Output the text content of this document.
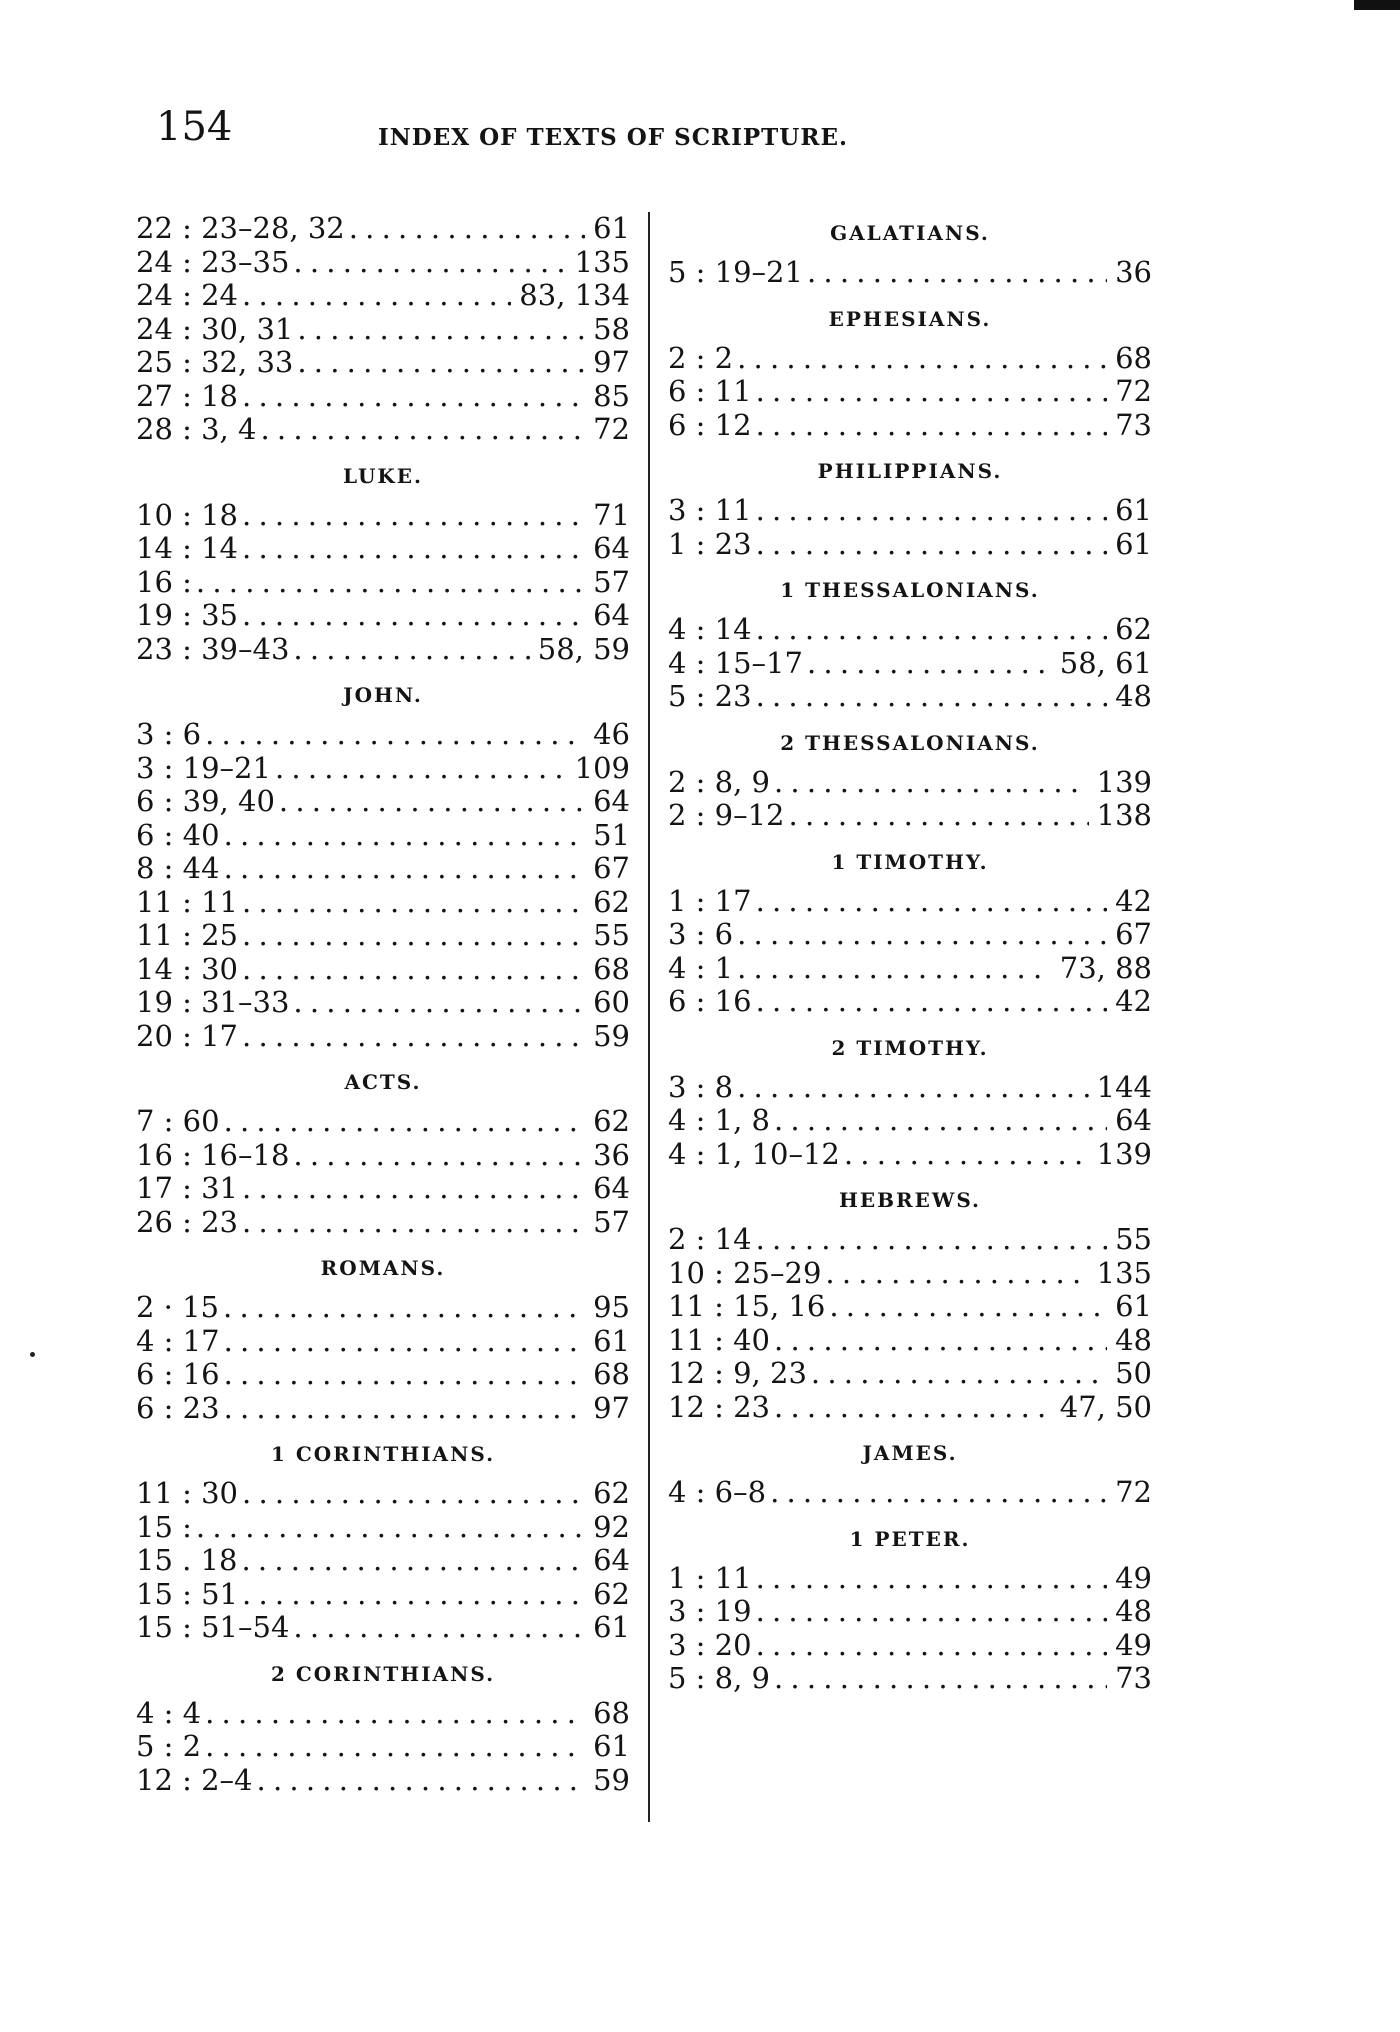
154	INDEX OF TEXTS OF SCRIPTURE.
22 : 23–28, 32 . . .	61
24 : 23–35 . . .	135
24 : 24 . . .	83, 134
24 : 30, 31 . . .	58
25 : 32, 33 . . .	97
27 : 18 . . .	85
28 : 3, 4 . . .	72
LUKE.
10 : 18 . . .	71
14 : 14 . . .	64
16 : . . .	57
19 : 35 . . .	64
23 : 39–43 . . .	58, 59
JOHN.
3 : 6 . . .	46
3 : 19–21 . . .	109
6 : 39, 40 . . .	64
6 : 40 . . .	51
8 : 44 . . .	67
11 : 11 . . .	62
11 : 25 . . .	55
14 : 30 . . .	68
19 : 31–33 . . .	60
20 : 17 . . .	59
ACTS.
7 : 60 . . .	62
16 : 16–18 . . .	36
17 : 31 . . .	64
26 : 23 . . .	57
ROMANS.
2 · 15 . . .	95
4 : 17 . . .	61
6 : 16 . . .	68
6 : 23 . . .	97
1 CORINTHIANS.
11 : 30 . . .	62
15 : . . .	92
15 . 18 . . .	64
15 : 51 . . .	62
15 : 51–54 . . .	61
2 CORINTHIANS.
4 : 4 . . .	68
5 : 2 . . .	61
12 : 2–4 . . .	59
GALATIANS.
5 : 19–21 . . .	36
EPHESIANS.
2 : 2 . . .	68
6 : 11 . . .	72
6 : 12 . . .	73
PHILIPPIANS.
3 : 11 . . .	61
1 : 23 . . .	61
1 THESSALONIANS.
4 : 14 . . .	62
4 : 15–17 . . .	58, 61
5 : 23 . . .	48
2 THESSALONIANS.
2 : 8, 9 . . .	139
2 : 9–12 . . .	138
1 TIMOTHY.
1 : 17 . . .	42
3 : 6 . . .	67
4 : 1 . . .	73, 88
6 : 16 . . .	42
2 TIMOTHY.
3 : 8 . . .	144
4 : 1, 8 . . .	64
4 : 1, 10–12 . . .	139
HEBREWS.
2 : 14 . . .	55
10 : 25–29 . . .	135
11 : 15, 16 . . .	61
11 : 40 . . .	48
12 : 9, 23 . . .	50
12 : 23 . . .	47, 50
JAMES.
4 : 6–8 . . .	72
1 PETER.
1 : 11 . . .	49
3 : 19 . . .	48
3 : 20 . . .	49
5 : 8, 9 . . .	73
